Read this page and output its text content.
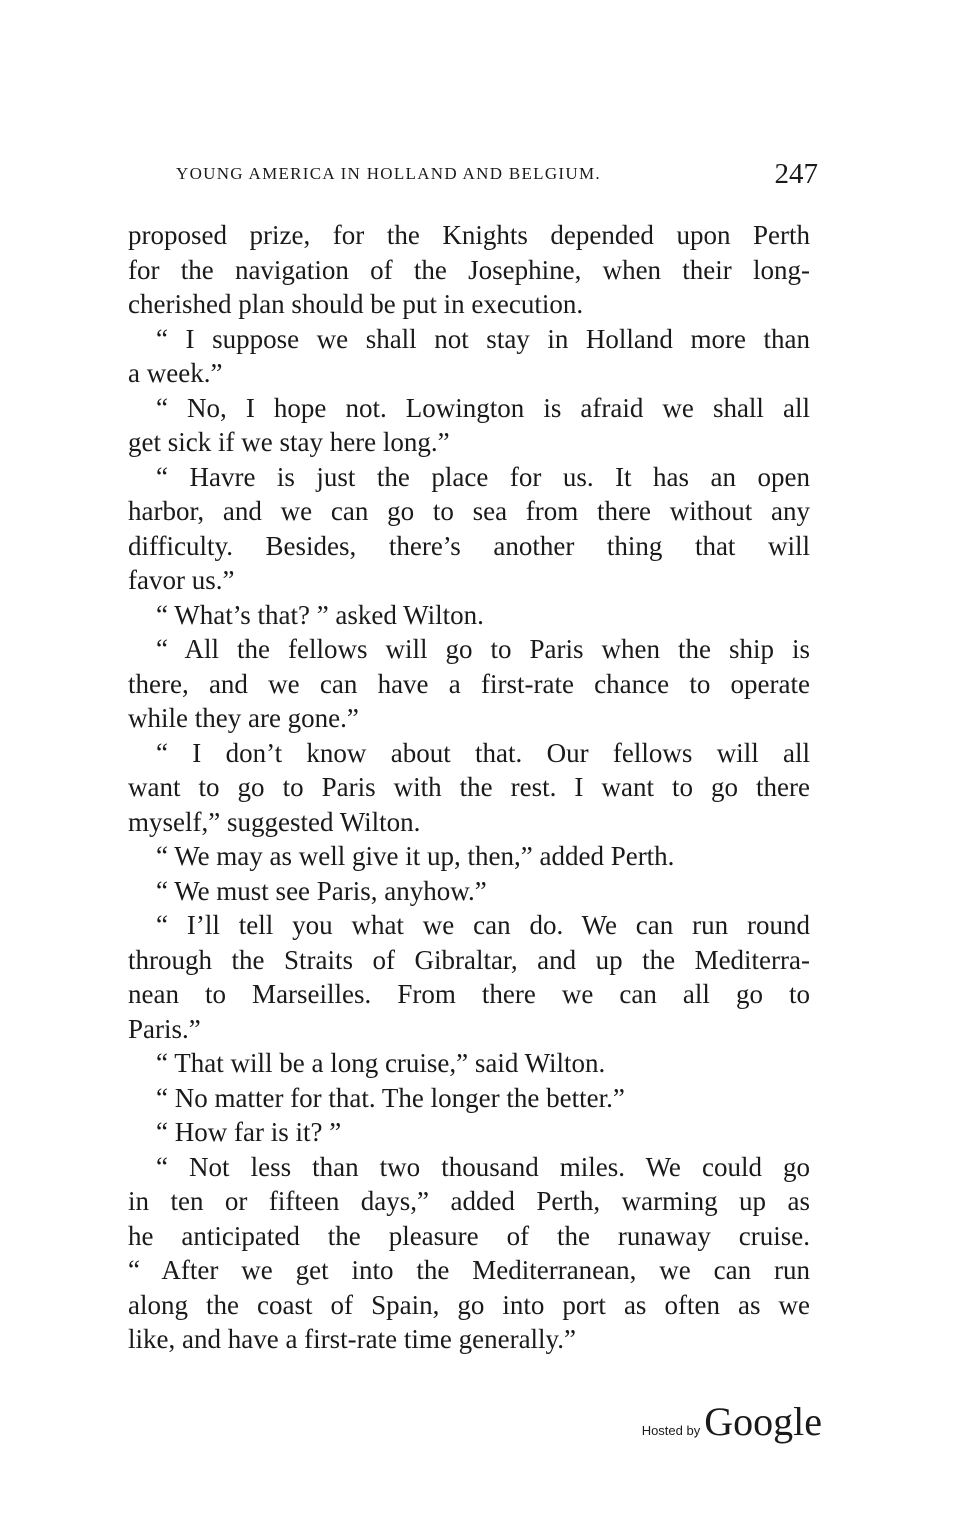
YOUNG AMERICA IN HOLLAND AND BELGIUM.	247
proposed prize, for the Knights depended upon Perth
for the navigation of the Josephine, when their long-
cherished plan should be put in execution.
“ I suppose we shall not stay in Holland more than
a week.”
“ No, I hope not. Lowington is afraid we shall all
get sick if we stay here long.”
“ Havre is just the place for us. It has an open
harbor, and we can go to sea from there without any
difficulty. Besides, there’s another thing that will
favor us.”
“ What’s that? ” asked Wilton.
“ All the fellows will go to Paris when the ship is
there, and we can have a first-rate chance to operate
while they are gone.”
“ I don’t know about that. Our fellows will all
want to go to Paris with the rest. I want to go there
myself,” suggested Wilton.
“ We may as well give it up, then,” added Perth.
“ We must see Paris, anyhow.”
“ I’ll tell you what we can do. We can run round
through the Straits of Gibraltar, and up the Mediterra-
nean to Marseilles. From there we can all go to
Paris.”
“ That will be a long cruise,” said Wilton.
“ No matter for that. The longer the better.”
“ How far is it? ”
“ Not less than two thousand miles. We could go
in ten or fifteen days,” added Perth, warming up as
he anticipated the pleasure of the runaway cruise.
“ After we get into the Mediterranean, we can run
along the coast of Spain, go into port as often as we
like, and have a first-rate time generally.”
Hosted by Google
